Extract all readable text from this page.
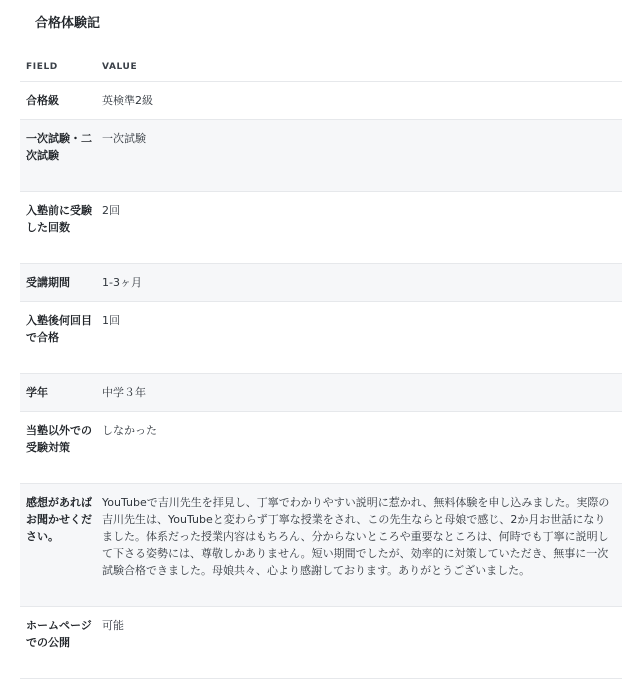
合格体験記
FIELD	VALUE
合格級	英検準2級
一次試験・二次試験	一次試験
入塾前に受験した回数	2回
受講期間	1-3ヶ月
入塾後何回目で合格	1回
学年	中学３年
当塾以外での受験対策	しなかった
感想があればお聞かせください。	YouTubeで吉川先生を拝見し、丁寧でわかりやすい説明に惹かれ、無料体験を申し込みました。実際の吉川先生は、YouTubeと変わらず丁寧な授業をされ、この先生ならと母娘で感じ、2か月お世話になりました。体系だった授業内容はもちろん、分からないところや重要なところは、何時でも丁寧に説明して下さる姿勢には、尊敬しかありません。短い期間でしたが、効率的に対策していただき、無事に一次試験合格できました。母娘共々、心より感謝しております。ありがとうございました。
ホームページでの公開	可能
